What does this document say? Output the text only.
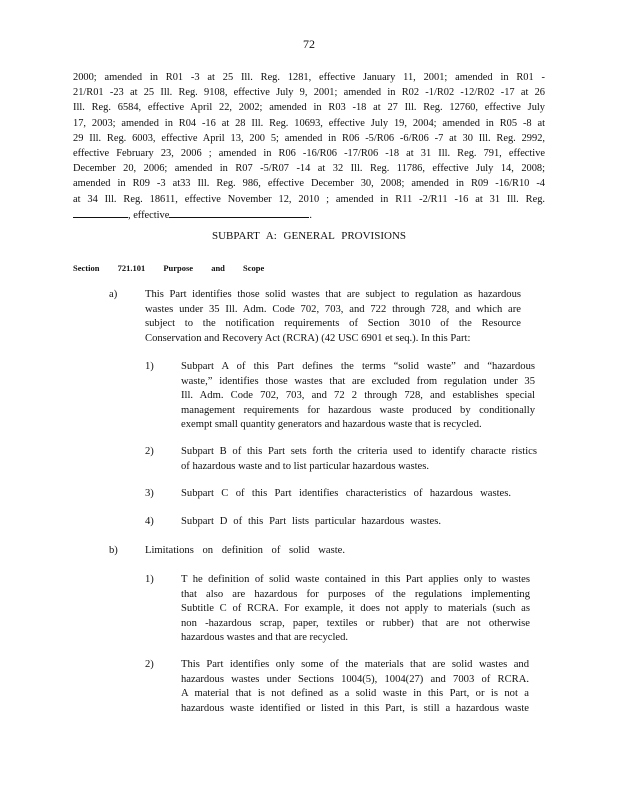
72
2000; amended in R01 -3 at 25 Ill. Reg. 1281, effective January 11, 2001; amended in R01 -
21/R01 -23 at 25 Ill. Reg. 9108, effective July 9, 2001; amended in R02 -1/R02 -12/R02 -17 at 26
Ill. Reg. 6584, effective April 22, 2002; amended in R03 -18 at 27 Ill. Reg. 12760, effective July
17, 2003; amended in R04 -16 at 28 Ill. Reg. 10693, effective July 19, 2004; amended in R05 -8 at
29 Ill. Reg. 6003, effective April 13, 200 5; amended in R06 -5/R06 -6/R06 -7 at 30 Ill. Reg. 2992,
effective February 23, 2006 ; amended in R06 -16/R06 -17/R06 -18 at 31 Ill. Reg. 791, effective
December 20, 2006; amended in R07 -5/R07 -14 at 32 Ill. Reg. 11786, effective July 14, 2008;
amended in R09 -3 at33 Ill. Reg. 986, effective December 30, 2008; amended in R09 -16/R10 -4
at 34 Ill. Reg. 18611, effective November 12, 2010 ; amended in R11 -2/R11 -16 at 31 Ill. Reg.
, effective	.
SUBPART A: GENERAL PROVISIONS
Section 721.101 Purpose and Scope
a)	This Part identifies those solid wastes that are subject to regulation as hazardous
wastes under 35 Ill. Adm. Code 702, 703, and 722 through 728, and which are
subject to the notification requirements of Section 3010 of the Resource
Conservation and Recovery Act (RCRA) (42 USC 6901 et seq.). In this Part:
1)	Subpart A of this Part defines the terms “solid waste” and “hazardous
waste,” identifies those wastes that are excluded from regulation under 35
Ill. Adm. Code 702, 703, and 72 2 through 728, and establishes special
management requirements for hazardous waste produced by conditionally
exempt small quantity generators and hazardous waste that is recycled.
2)	Subpart B of this Part sets forth the criteria used to identify characte ristics
of hazardous waste and to list particular hazardous wastes.
3)	Subpart C of this Part identifies characteristics of hazardous wastes.
4)	Subpart D of this Part lists particular hazardous wastes.
b)	Limitations on definition of solid waste.
1)	T he definition of solid waste contained in this Part applies only to wastes
that also are hazardous for purposes of the regulations implementing
Subtitle C of RCRA. For example, it does not apply to materials (such as
non -hazardous scrap, paper, textiles or rubber) that are not otherwise
hazardous wastes and that are recycled.
2)	This Part identifies only some of the materials that are solid wastes and
hazardous wastes under Sections 1004(5), 1004(27) and 7003 of RCRA.
A material that is not defined as a solid waste in this Part, or is not a
hazardous waste identified or listed in this Part, is still a hazardous waste
